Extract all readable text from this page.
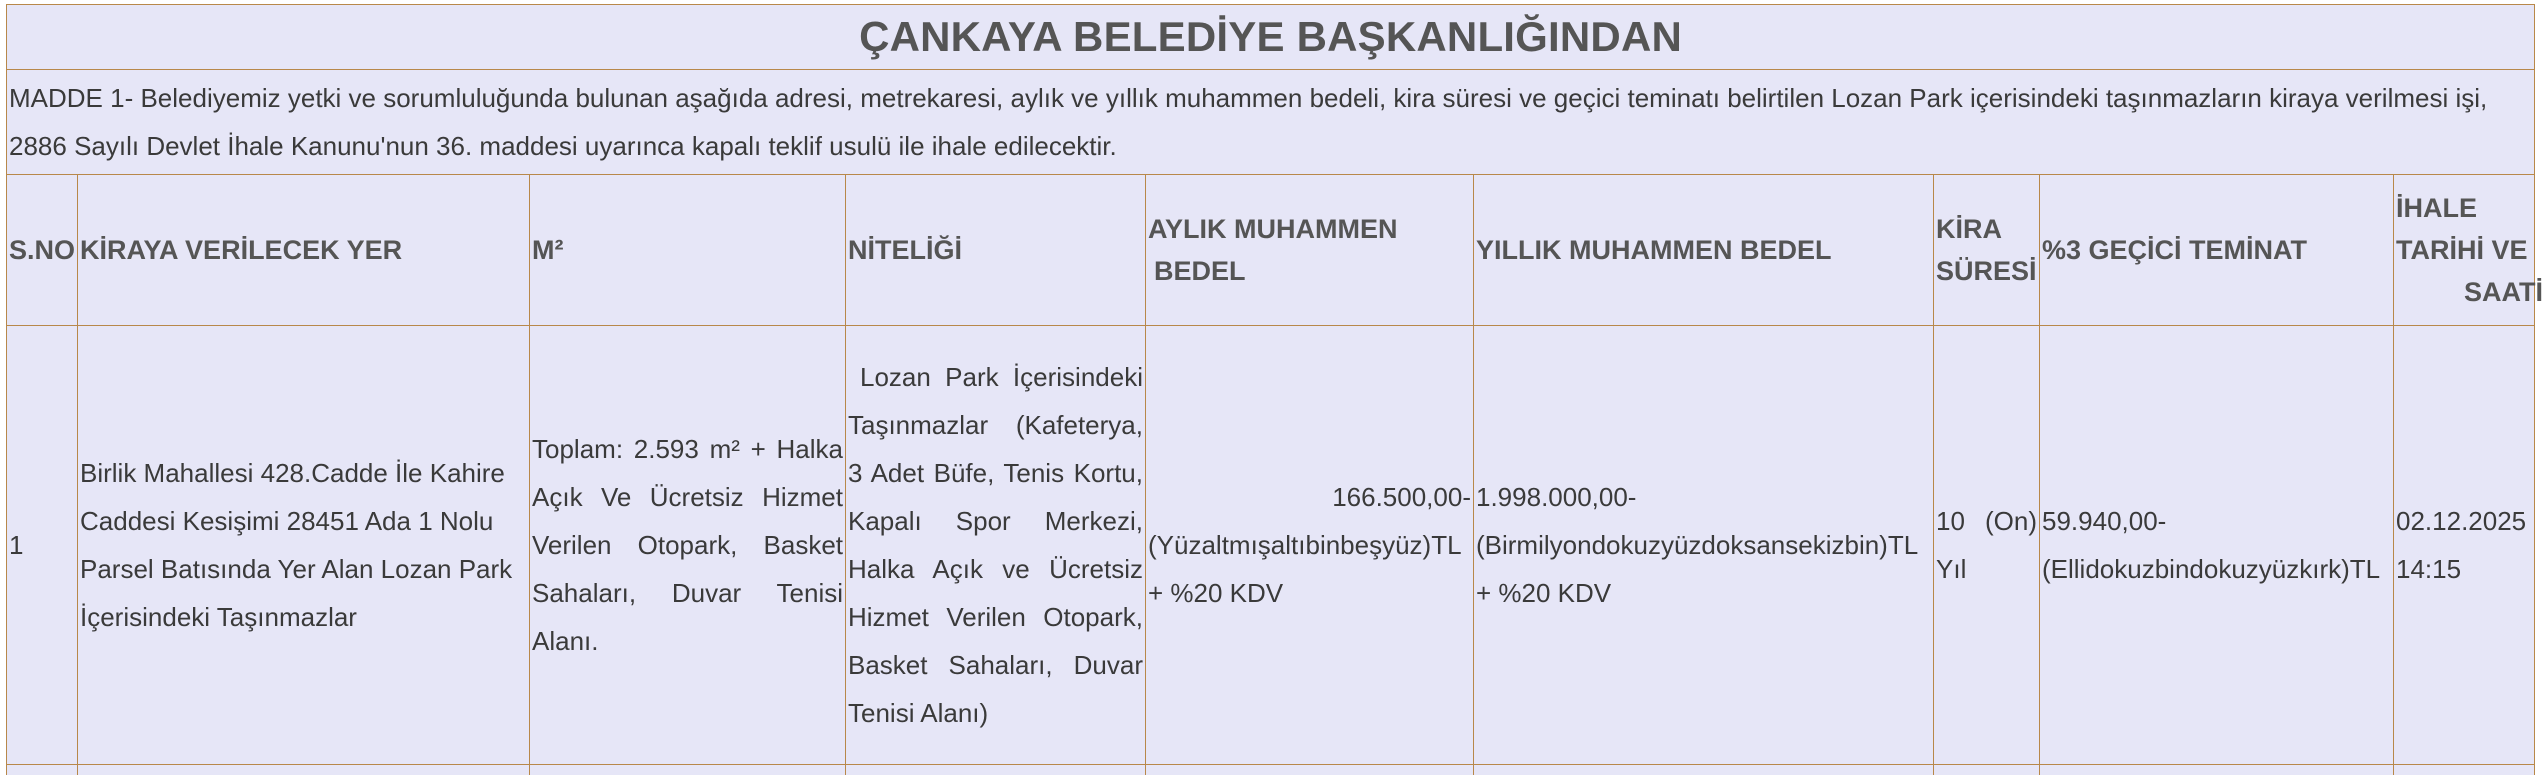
ÇANKAYA BELEDİYE BAŞKANLIĞINDAN								
MADDE 1- Belediyemiz yetki ve sorumluluğunda bulunan aşağıda adresi, metrekaresi, aylık ve yıllık muhammen bedeli, kira süresi ve geçici teminatı belirtilen Lozan Park içerisindeki taşınmazların kiraya verilmesi işi, 2886 Sayılı Devlet İhale Kanunu'nun 36. maddesi uyarınca kapalı teklif usulü ile ihale edilecektir.								
S.NO	KİRAYA VERİLECEK YER	M²	NİTELİĞİ	AYLIK MUHAMMEN
BEDEL	YILLIK MUHAMMEN BEDEL	KİRA
SÜRESİ	%3 GEÇİCİ TEMİNAT	İHALE
TARİHİ VE
SAATİ

1	Birlik Mahallesi 428.Cadde İle Kahire Caddesi Kesişimi 28451 Ada 1 Nolu Parsel Batısında Yer Alan Lozan Park İçerisindeki Taşınmazlar	Toplam: 2.593 m² + Halka Açık Ve Ücretsiz Hizmet Verilen Otopark, Basket Sahaları, Duvar Tenisi Alanı.	Lozan Park İçerisindeki Taşınmazlar (Kafeterya, 3 Adet Büfe, Tenis Kortu, Kapalı Spor Merkezi, Halka Açık ve Ücretsiz Hizmet Verilen Otopark, Basket Sahaları, Duvar Tenisi Alanı)	166.500,00-
(Yüzaltmışaltıbinbeşyüz)TL
+ %20 KDV	1.998.000,00-
(Birmilyondokuzyüzdoksansekizbin)TL
+ %20 KDV	10 (On) Yıl	59.940,00-
(Ellidokuzbindokuzyüzkırk)TL	02.12.2025
14:15
